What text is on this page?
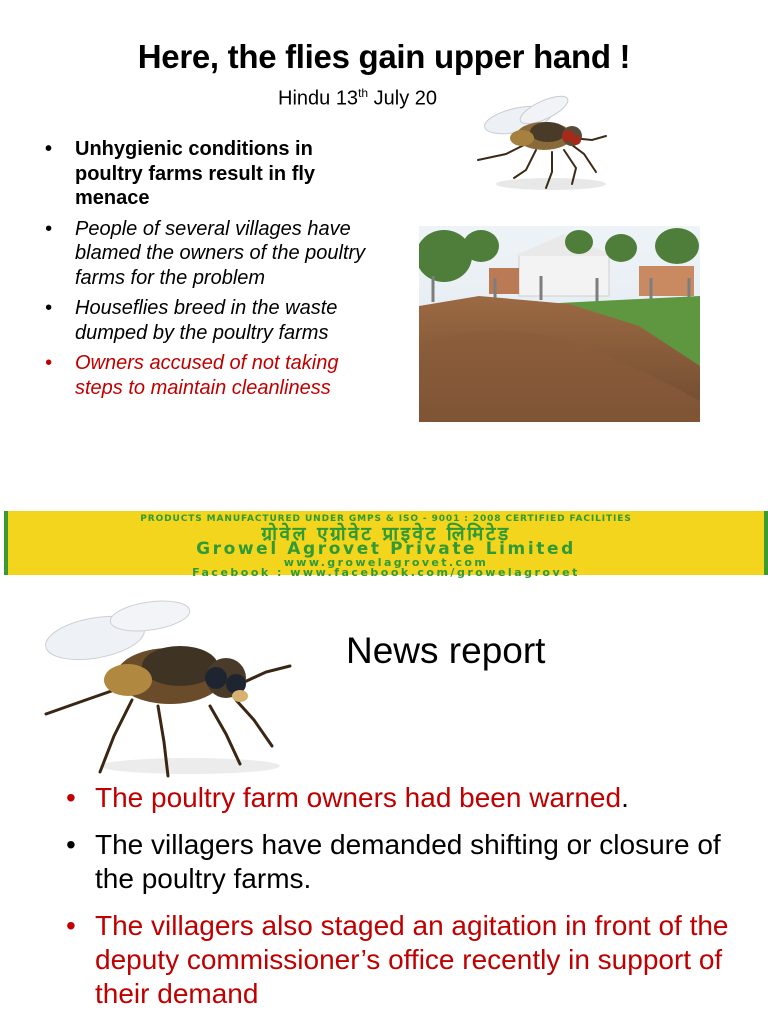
Here, the flies gain upper hand !
Hindu 13th July 20
• Unhygienic conditions in poultry farms result in fly menace
• People of several villages have blamed the owners of the poultry farms for the problem
• Houseflies breed in the waste dumped by the poultry farms
• Owners accused of not taking steps to maintain cleanliness
PRODUCTS MANUFACTURED UNDER GMPS & ISO - 9001 : 2008 CERTIFIED FACILITIES
ग्रोवेल एग्रोवेट प्राइवेट लिमिटेड
Growel Agrovet Private Limited
www.growelagrovet.com
Facebook : www.facebook.com/growelagrovet
News report
• The poultry farm owners had been warned.
• The villagers have demanded shifting or closure of the poultry farms.
• The villagers also staged an agitation in front of the deputy commissioner’s office recently in support of their demand
